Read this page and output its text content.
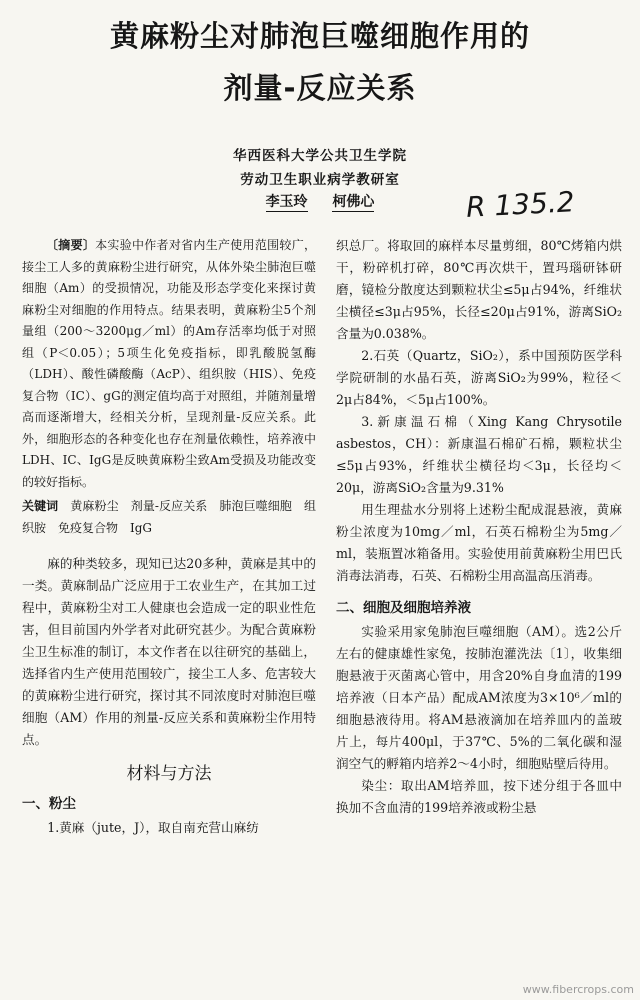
黄麻粉尘对肺泡巨噬细胞作用的
剂量-反应关系
华西医科大学公共卫生学院
劳动卫生职业病学教研室
李玉玲 柯佛心	R 135.2

〔摘要〕本实验中作者对省内生产使用范围较广，接尘工人多的黄麻粉尘进行研究，从体外染尘肺泡巨噬细胞（Am）的受损情况，功能及形态学变化来探讨黄麻粉尘对细胞的作用特点。结果表明，黄麻粉尘5个剂量组（200～3200μg／ml）的Am存活率均低于对照组（P＜0.05）；5项生化免疫指标，即乳酸脱氢酶（LDH）、酸性磷酸酶（AcP）、组织胺（HIS）、免疫复合物（IC）、gG的测定值均高于对照组，并随剂量增高而逐渐增大，经相关分析，呈现剂量-反应关系。此外，细胞形态的各种变化也存在剂量依赖性，培养液中LDH、IC、IgG是反映黄麻粉尘致Am受损及功能改变的较好指标。

关键词　 黄麻粉尘　剂量-反应关系　肺泡巨噬细胞　组织胺　免疫复合物　IgG

麻的种类较多，现知已达20多种，黄麻是其中的一类。黄麻制品广泛应用于工农业生产，在其加工过程中，黄麻粉尘对工人健康也会造成一定的职业性危害，但目前国内外学者对此研究甚少。为配合黄麻粉尘卫生标准的制订，本文作者在以往研究的基础上，选择省内生产使用范围较广，接尘工人多、危害较大的黄麻粉尘进行研究，探讨其不同浓度时对肺泡巨噬细胞（AM）作用的剂量-反应关系和黄麻粉尘作用特点。

材料与方法
一、粉尘

1.黄麻（jute，J），取自南充营山麻纺

织总厂。将取回的麻样本尽量剪细，80℃烤箱内烘干，粉碎机打碎，80℃再次烘干，置玛瑙研钵研磨，镜检分散度达到颗粒状尘≤5μ占94%，纤维状尘横径≤3μ占95%，长径≤20μ占91%，游离SiO₂含量为0.038%。

2.石英（Quartz，SiO₂），系中国预防医学科学院研制的水晶石英，游离SiO₂为99%，粒径＜2μ占84%，＜5μ占100%。

3.新康温石棉（Xing Kang Chrysotile asbestos，CH）：新康温石棉矿石棉，颗粒状尘≤5μ占93%，纤维状尘横径均＜3μ，长径均＜20μ，游离SiO₂含量为9.31%

用生理盐水分别将上述粉尘配成混悬液，黄麻粉尘浓度为10mg／ml，石英石棉粉尘为5mg／ml，装瓶置冰箱备用。实验使用前黄麻粉尘用巴氏消毒法消毒，石英、石棉粉尘用高温高压消毒。

二、细胞及细胞培养液

实验采用家兔肺泡巨噬细胞（AM）。选2公斤左右的健康雄性家兔，按肺泡灌洗法〔1〕，收集细胞悬液于灭菌离心管中，用含20%自身血清的199培养液（日本产品）配成AM浓度为3×10⁶／ml的细胞悬液待用。将AM悬液滴加在培养皿内的盖玻片上，每片400μl，于37℃、5%的二氧化碳和湿润空气的孵箱内培养2～4小时，细胞贴壁后待用。

染尘：取出AM培养皿，按下述分组于各皿中换加不含血清的199培养液或粉尘悬

www.fibercrops.com
